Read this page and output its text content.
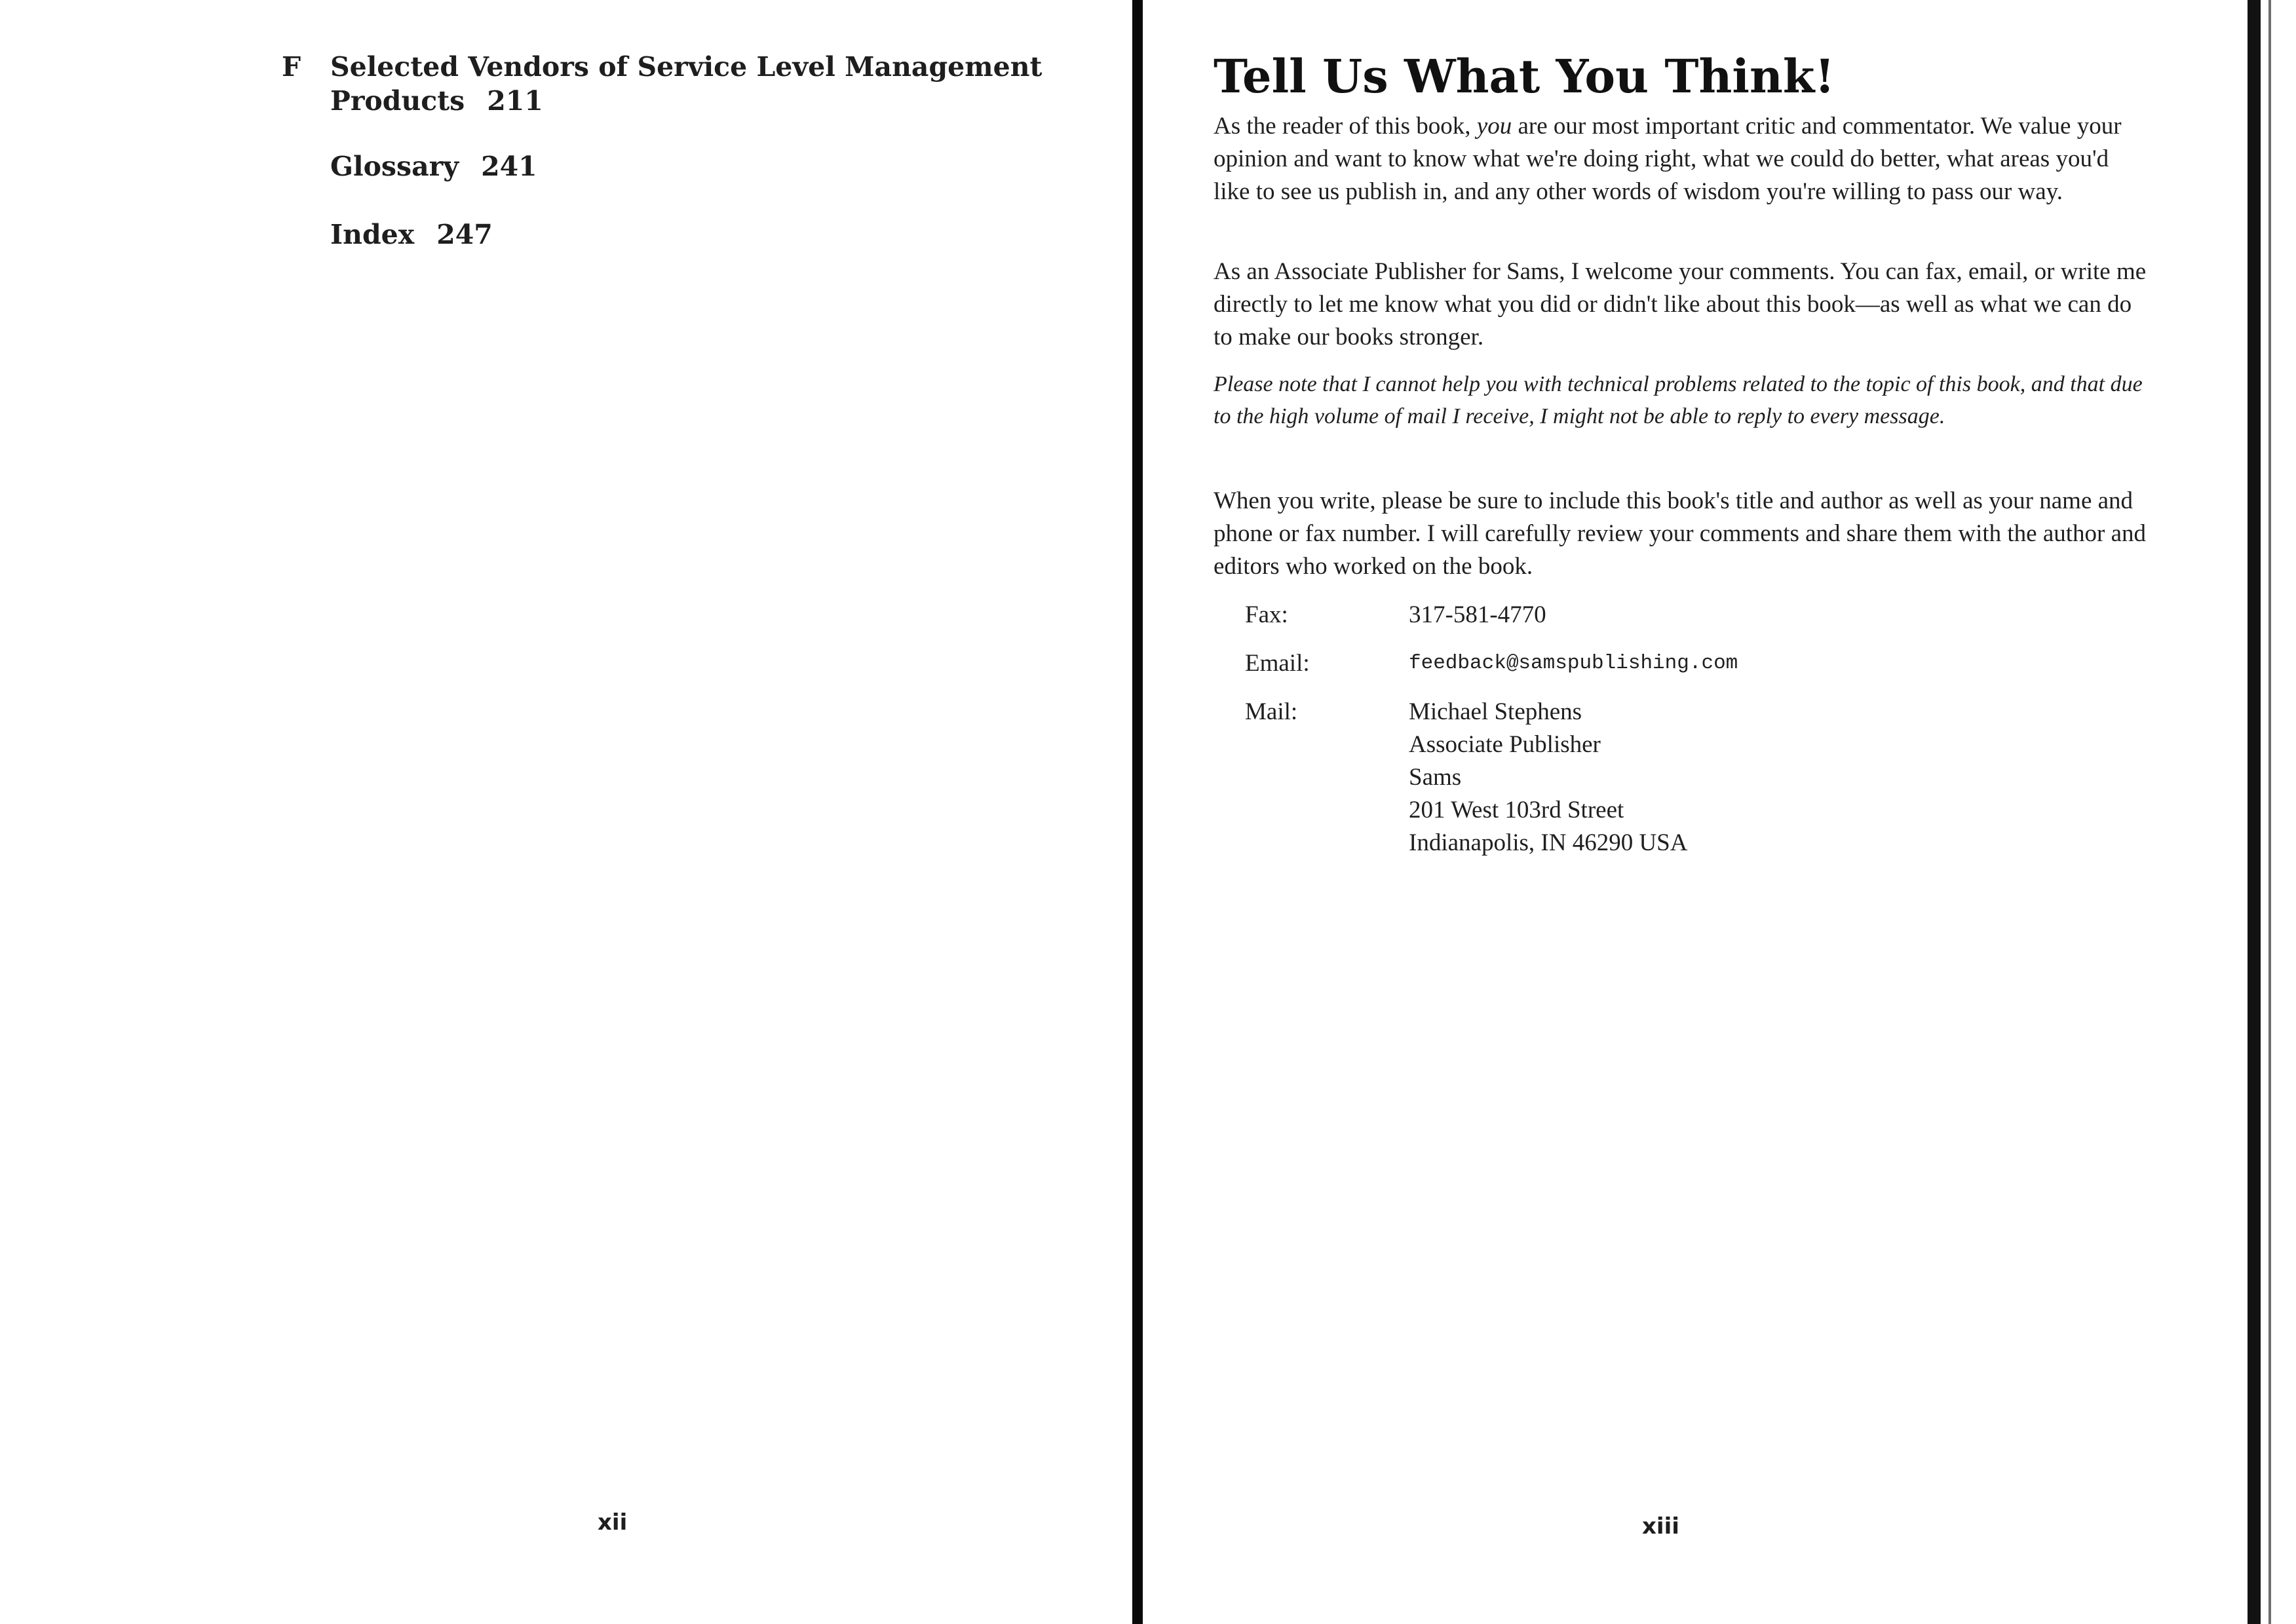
F Selected Vendors of Service Level Management Products 211
Glossary 241
Index 247
xii
Tell Us What You Think!

As the reader of this book, you are our most important critic and commentator. We value your opinion and want to know what we're doing right, what we could do better, what areas you'd like to see us publish in, and any other words of wisdom you're willing to pass our way.

As an Associate Publisher for Sams, I welcome your comments. You can fax, email, or write me directly to let me know what you did or didn't like about this book—as well as what we can do to make our books stronger.

Please note that I cannot help you with technical problems related to the topic of this book, and that due to the high volume of mail I receive, I might not be able to reply to every message.

When you write, please be sure to include this book's title and author as well as your name and phone or fax number. I will carefully review your comments and share them with the author and editors who worked on the book.

Fax:	317-581-4770
Email:	feedback@samspublishing.com
Mail:	Michael Stephens
Associate Publisher
Sams
201 West 103rd Street
Indianapolis, IN 46290 USA
xiii
